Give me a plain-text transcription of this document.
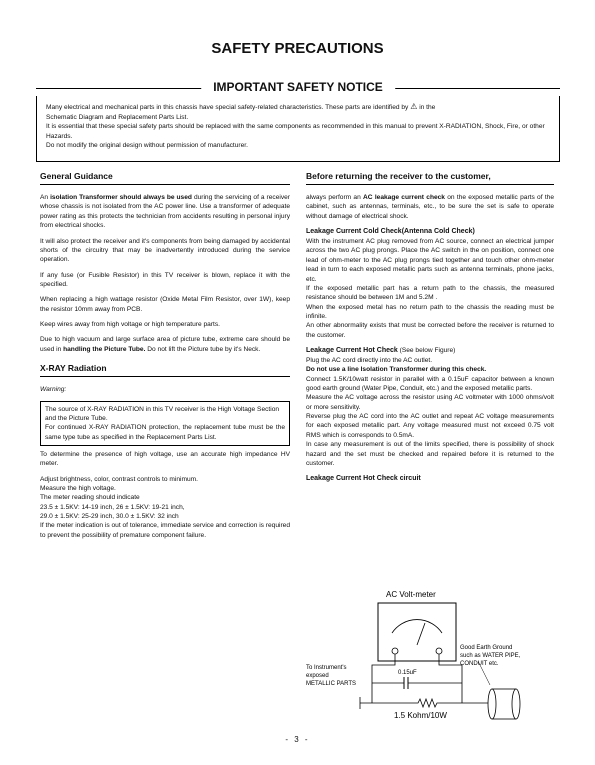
SAFETY PRECAUTIONS
IMPORTANT SAFETY NOTICE
Many electrical and mechanical parts in this chassis have special safety-related characteristics. These parts are identified by ⚠ in the
Schematic Diagram and Replacement Parts List.
It is essential that these special safety parts should be replaced with the same components as recommended in this manual to prevent X-RADIATION, Shock, Fire, or other Hazards.
Do not modify the original design without permission of manufacturer.
General Guidance

An isolation Transformer should always be used during the servicing of a receiver whose chassis is not isolated from the AC power line. Use a transformer of adequate power rating as this protects the technician from accidents resulting in personal injury from electrical shocks.

It will also protect the receiver and it's components from being damaged by accidental shorts of the circuitry that may be inadvertently introduced during the service operation.

If any fuse (or Fusible Resistor) in this TV receiver is blown, replace it with the specified.

When replacing a high wattage resistor (Oxide Metal Film Resistor, over 1W), keep the resistor 10mm away from PCB.

Keep wires away from high voltage or high temperature parts.

Due to high vacuum and large surface area of picture tube, extreme care should be used in handling the Picture Tube. Do not lift the Picture tube by it's Neck.

X-RAY Radiation

Warning:

The source of X-RAY RADIATION in this TV receiver is the High Voltage Section and the Picture Tube.
For continued X-RAY RADIATION protection, the replacement tube must be the same type tube as specified in the Replacement Parts List.

To determine the presence of high voltage, use an accurate high impedance HV meter.

Adjust brightness, color, contrast controls to minimum.

Measure the high voltage.

The meter reading should indicate

23.5 ± 1.5KV: 14-19 inch, 26 ± 1.5KV: 19-21 inch,

29.0 ± 1.5KV: 25-29 inch, 30.0 ± 1.5KV: 32 inch

If the meter indication is out of tolerance, immediate service and correction is required to prevent the possibility of premature component failure.

Before returning the receiver to the customer,

always perform an AC leakage current check on the exposed metallic parts of the cabinet, such as antennas, terminals, etc., to be sure the set is safe to operate without damage of electrical shock.

Leakage Current Cold Check(Antenna Cold Check)

With the instrument AC plug removed from AC source, connect an electrical jumper across the two AC plug prongs. Place the AC switch in the on position, connect one lead of ohm-meter to the AC plug prongs tied together and touch other ohm-meter lead in turn to each exposed metallic parts such as antenna terminals, phone jacks, etc.

If the exposed metallic part has a return path to the chassis, the measured resistance should be between 1M and 5.2M .

When the exposed metal has no return path to the chassis the reading must be infinite.

An other abnormality exists that must be corrected before the receiver is returned to the customer.

Leakage Current Hot Check (See below Figure)

Plug the AC cord directly into the AC outlet.

Do not use a line Isolation Transformer during this check.

Connect 1.5K/10watt resistor in parallel with a 0.15uF capacitor between a known good earth ground (Water Pipe, Conduit, etc.) and the exposed metallic parts.

Measure the AC voltage across the resistor using AC voltmeter with 1000 ohms/volt or more sensitivity.

Reverse plug the AC cord into the AC outlet and repeat AC voltage measurements for each exposed metallic part. Any voltage measured must not exceed 0.75 volt RMS which is corresponds to 0.5mA.

In case any measurement is out of the limits specified, there is possibility of shock hazard and the set must be checked and repaired before it is returned to the customer.

Leakage Current Hot Check circuit
AC Volt-meter
0.15uF
1.5 Kohm/10W
Good Earth Ground
such as WATER PIPE,
CONDUIT etc.
To Instrument's
exposed
METALLIC PARTS
- 3 -
